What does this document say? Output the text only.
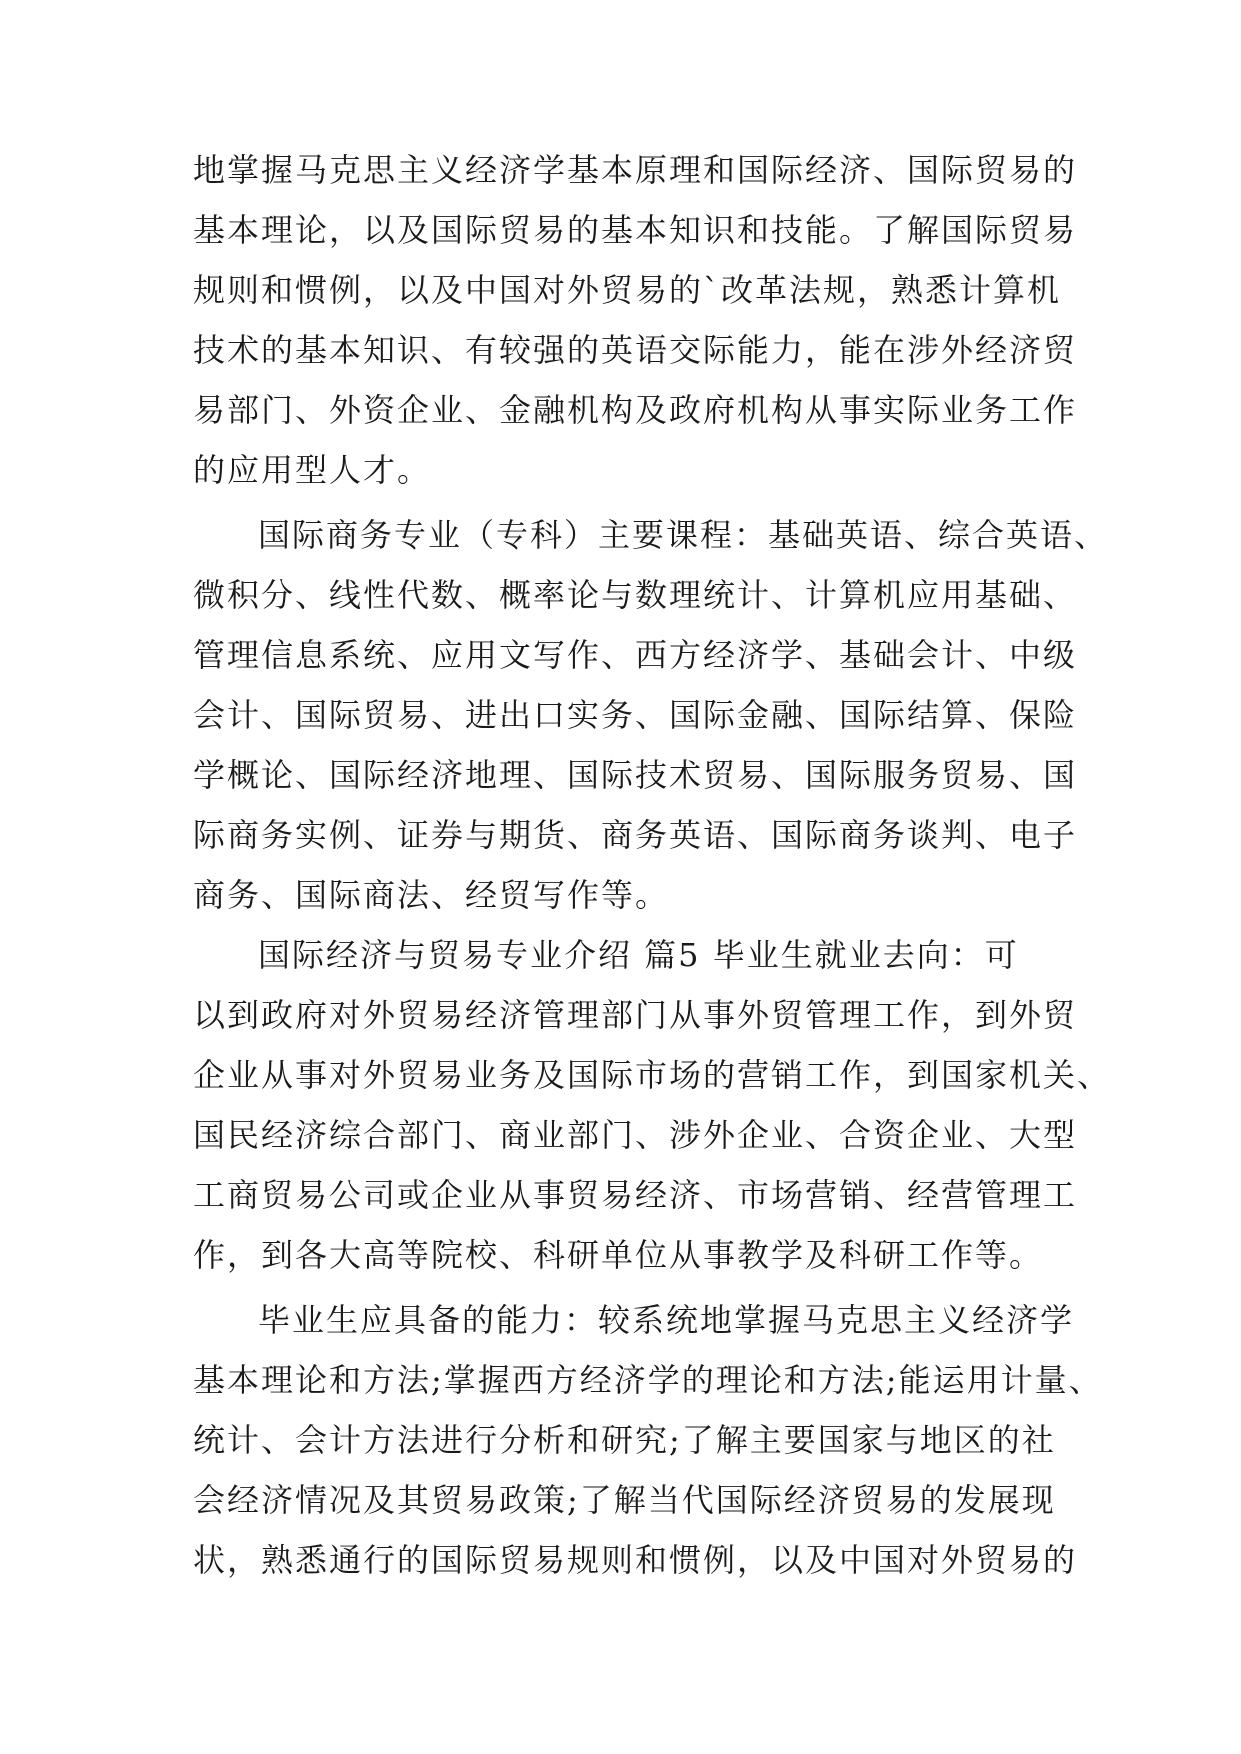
地掌握马克思主义经济学基本原理和国际经济、国际贸易的
基本理论，以及国际贸易的基本知识和技能。了解国际贸易
规则和惯例，以及中国对外贸易的`改革法规，熟悉计算机
技术的基本知识、有较强的英语交际能力，能在涉外经济贸
易部门、外资企业、金融机构及政府机构从事实际业务工作
的应用型人才。
国际商务专业（专科）主要课程：基础英语、综合英语、
微积分、线性代数、概率论与数理统计、计算机应用基础、
管理信息系统、应用文写作、西方经济学、基础会计、中级
会计、国际贸易、进出口实务、国际金融、国际结算、保险
学概论、国际经济地理、国际技术贸易、国际服务贸易、国
际商务实例、证券与期货、商务英语、国际商务谈判、电子
商务、国际商法、经贸写作等。
国际经济与贸易专业介绍 篇5 毕业生就业去向：可
以到政府对外贸易经济管理部门从事外贸管理工作，到外贸
企业从事对外贸易业务及国际市场的营销工作，到国家机关、
国民经济综合部门、商业部门、涉外企业、合资企业、大型
工商贸易公司或企业从事贸易经济、市场营销、经营管理工
作，到各大高等院校、科研单位从事教学及科研工作等。
毕业生应具备的能力：较系统地掌握马克思主义经济学
基本理论和方法;掌握西方经济学的理论和方法;能运用计量、
统计、会计方法进行分析和研究;了解主要国家与地区的社
会经济情况及其贸易政策;了解当代国际经济贸易的发展现
状，熟悉通行的国际贸易规则和惯例，以及中国对外贸易的
